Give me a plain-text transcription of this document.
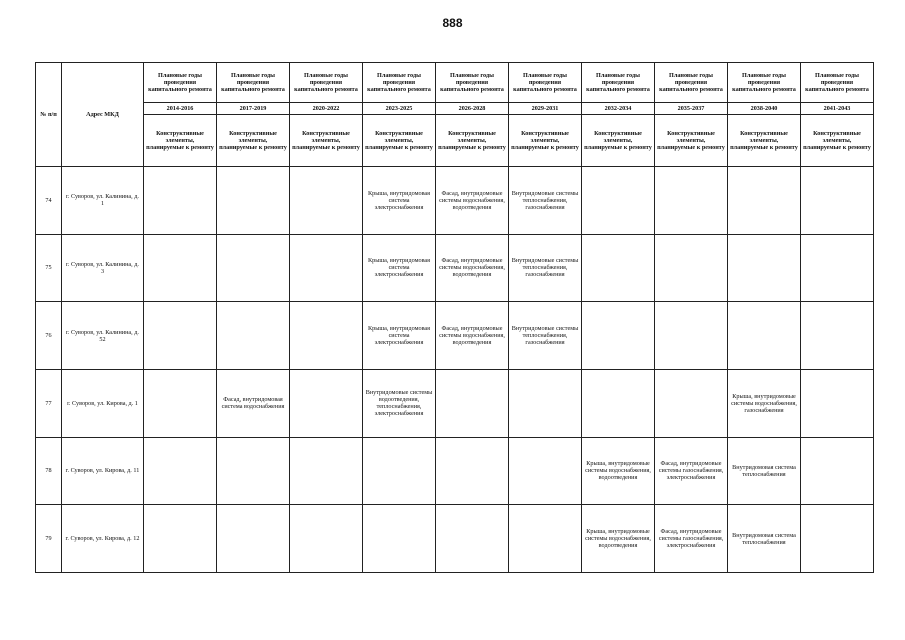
888
№ п/п	Адрес МКД	Плановые годы проведения капитального ремонта	Плановые годы проведения капитального ремонта	Плановые годы проведения капитального ремонта	Плановые годы проведения капитального ремонта	Плановые годы проведения капитального ремонта	Плановые годы проведения капитального ремонта	Плановые годы проведения капитального ремонта	Плановые годы проведения капитального ремонта	Плановые годы проведения капитального ремонта	Плановые годы проведения капитального ремонта
		2014-2016	2017-2019	2020-2022	2023-2025	2026-2028	2029-2031	2032-2034	2035-2037	2038-2040	2041-2043
		Конструктивные элементы, планируемые к ремонту	Конструктивные элементы, планируемые к ремонту	Конструктивные элементы, планируемые к ремонту	Конструктивные элементы, планируемые к ремонту	Конструктивные элементы, планируемые к ремонту	Конструктивные элементы, планируемые к ремонту	Конструктивные элементы, планируемые к ремонту	Конструктивные элементы, планируемые к ремонту	Конструктивные элементы, планируемые к ремонту	Конструктивные элементы, планируемые к ремонту
74	г. Суворов, ул. Калинина, д. 1				Крыша, внутридомовая система электроснабжения	Фасад, внутридомовые системы водоснабжения, водоотведения	Внутридомовые системы теплоснабжения, газоснабжения				
75	г. Суворов, ул. Калинина, д. 3				Крыша, внутридомовая система электроснабжения	Фасад, внутридомовые системы водоснабжения, водоотведения	Внутридомовые системы теплоснабжения, газоснабжения				
76	г. Суворов, ул. Калинина, д. 52				Крыша, внутридомовая система электроснабжения	Фасад, внутридомовые системы водоснабжения, водоотведения	Внутридомовые системы теплоснабжения, газоснабжения				
77	г. Суворов, ул. Кирова, д. 1		Фасад, внутридомовая система водоснабжения		Внутридомовые системы водоотведения, теплоснабжения, электроснабжения					Крыша, внутридомовые системы водоснабжения, газоснабжения	
78	г. Суворов, ул. Кирова, д. 11							Крыша, внутридомовые системы водоснабжения, водоотведения	Фасад, внутридомовые системы газоснабжения, электроснабжения	Внутридомовая система теплоснабжения	
79	г. Суворов, ул. Кирова, д. 12							Крыша, внутридомовые системы водоснабжения, водоотведения	Фасад, внутридомовые системы газоснабжения, электроснабжения	Внутридомовая система теплоснабжения	
